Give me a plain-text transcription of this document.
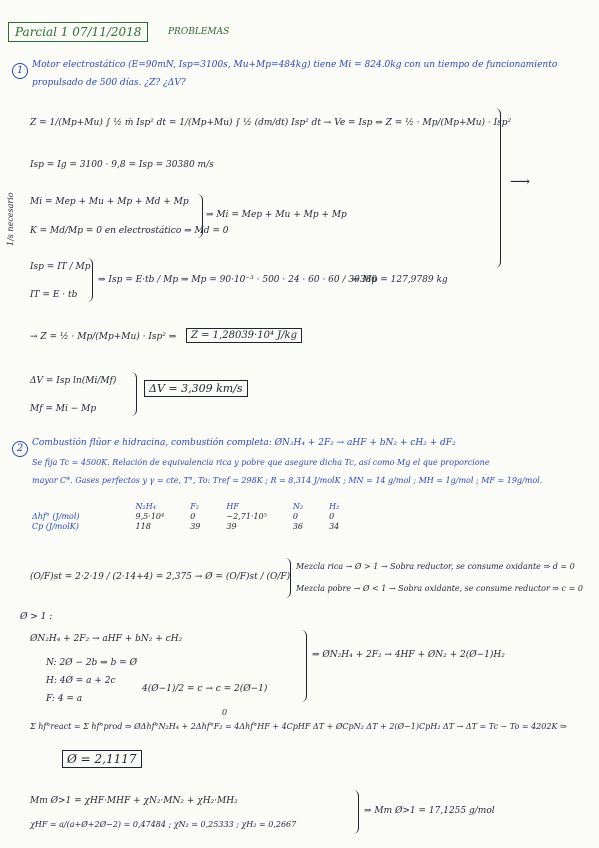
Parcial 1 07/11/2018	PROBLEMAS
1 Motor electrostático (E=90mN, Isp=3100s, Mu+Mp=484kg) tiene Mi = 824.0kg con un tiempo de funcionamiento
propulsado de 500 días. ¿Z? ¿ΔV?
Z = 1/(Mp+Mu) ∫ ½ ṁ Isp² dt = 1/(Mp+Mu) ∫ ½ (dm/dt) Isp² dt → Ve = Isp ⇒ Z = ½ · Mp/(Mp+Mu) · Isp²
⟶
Isp = Ig = 3100 · 9,8 = Isp = 30380 m/s
1/s necesario Mi = Mep + Mu + Mp + Md + Mp
K = Md/Mp = 0 en electrostático ⇒ Md = 0
⇒ Mi = Mep + Mu + Mp + Mp
Isp = IT / Mp
IT = E · tb
⇒ Isp = E·tb / Mp ⇒ Mp = 90·10⁻³ · 500 · 24 · 60 · 60 / 30380
⇒ Mp = 127,9789 kg
→ Z = ½ · Mp/(Mp+Mu) · Isp² ⇒	Z = 1,28039·10⁴ J/kg
ΔV = Isp ln(Mi/Mf)
Mf = Mi − Mp
ΔV = 3,309 km/s
2 Combustión flúor e hidracina, combustión completa: ØN₂H₄ + 2F₂ → aHF + bN₂ + cH₂ + dF₂
Se fija Tc = 4500K. Relación de equivalencia rica y pobre que asegure dicha Tc, así como Mg el que proporcione
mayor C*. Gases perfectos y γ = cte, T°, To: Tref = 298K ; R = 8,314 J/molK ; MN = 14 g/mol ; MH = 1g/mol ; MF = 19g/mol.
	N₂H₄	F₂	HF	N₂	H₂
Δhf° (J/mol)	9,5·10⁴	0	−2,71·10⁵	0	0
Cp (J/molK)	118	39	39	36	34
(O/F)st = 2·2·19 / (2·14+4) = 2,375 → Ø = (O/F)st / (O/F)
Mezcla rica → Ø > 1 → Sobra reductor, se consume oxidante ⇒ d = 0
Mezcla pobre → Ø < 1 → Sobra oxidante, se consume reductor ⇒ c = 0
Ø > 1 :
ØN₂H₄ + 2F₂ → aHF + bN₂ + cH₂
N: 2Ø − 2b ⇒ b = Ø
H: 4Ø = a + 2c
4(Ø−1)/2 = c → c = 2(Ø−1)
F: 4 = a
⇒ ØN₂H₄ + 2F₂ → 4HF + ØN₂ + 2(Ø−1)H₂
Σ hf°react = Σ hf°prod ⇒ ØΔhf°N₂H₄ + 2Δhf°F₂ = 4Δhf°HF + 4CpHF ΔT + ØCpN₂ ΔT + 2(Ø−1)CpH₂ ΔT → ΔT = Tc − To = 4202K ⇒
0
Ø = 2,1117
Mm Ø>1 = χHF·MHF + χN₂·MN₂ + χH₂·MH₂
χHF = a/(a+Ø+2Ø−2) = 0,47484 ; χN₂ = 0,25333 ; χH₂ = 0,2667
⇒ Mm Ø>1 = 17,1255 g/mol
